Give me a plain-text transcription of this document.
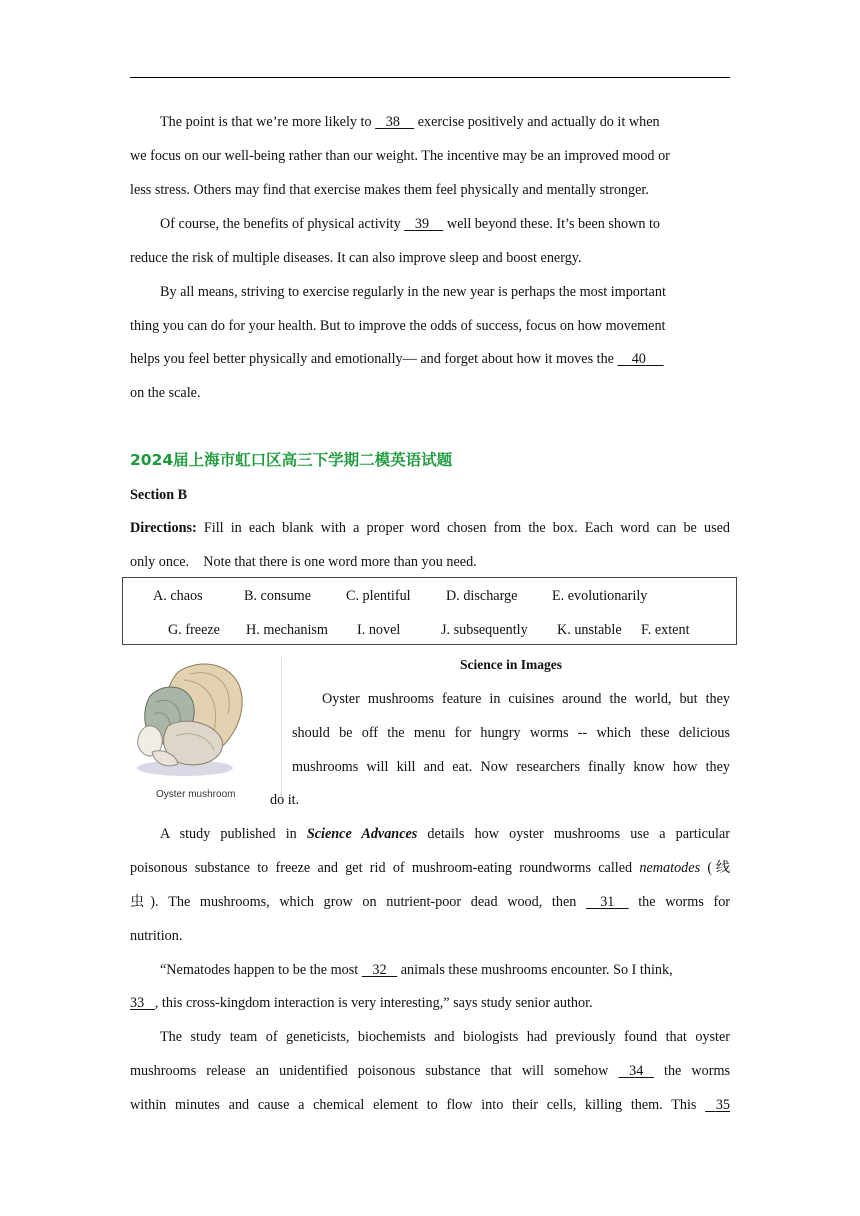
The point is that we’re more likely to 38 exercise positively and actually do it when
we focus on our well-being rather than our weight. The incentive may be an improved mood or
less stress. Others may find that exercise makes them feel physically and mentally stronger.
Of course, the benefits of physical activity 39 well beyond these. It’s been shown to
reduce the risk of multiple diseases. It can also improve sleep and boost energy.
By all means, striving to exercise regularly in the new year is perhaps the most important
thing you can do for your health. But to improve the odds of success, focus on how movement
helps you feel better physically and emotionally— and forget about how it moves the 40
on the scale.
2024届上海市虹口区高三下学期二模英语试题
Section B
Directions: Fill in each blank with a proper word chosen from the box. Each word can be used
only once.    Note that there is one word more than you need.
A. chaos	B. consume C. plentiful D. discharge E. evolutionarily
G. freeze H. mechanism I. novel	J. subsequently K. unstable F. extent
Oyster mushroom
Science in Images
Oyster mushrooms feature in cuisines around the world, but they
should be off the menu for hungry worms -- which these delicious
mushrooms will kill and eat. Now researchers finally know how they
do it.
A study published in Science Advances details how oyster mushrooms use a particular
poisonous substance to freeze and get rid of mushroom-eating roundworms called nematodes (线
虫). The mushrooms, which grow on nutrient-poor dead wood, then 31 the worms for
nutrition.
“Nematodes happen to be the most 32 animals these mushrooms encounter. So I think,
33 , this cross-kingdom interaction is very interesting,” says study senior author.
The study team of geneticists, biochemists and biologists had previously found that oyster
mushrooms release an unidentified poisonous substance that will somehow 34 the worms
within minutes and cause a chemical element to flow into their cells, killing them. This 35
